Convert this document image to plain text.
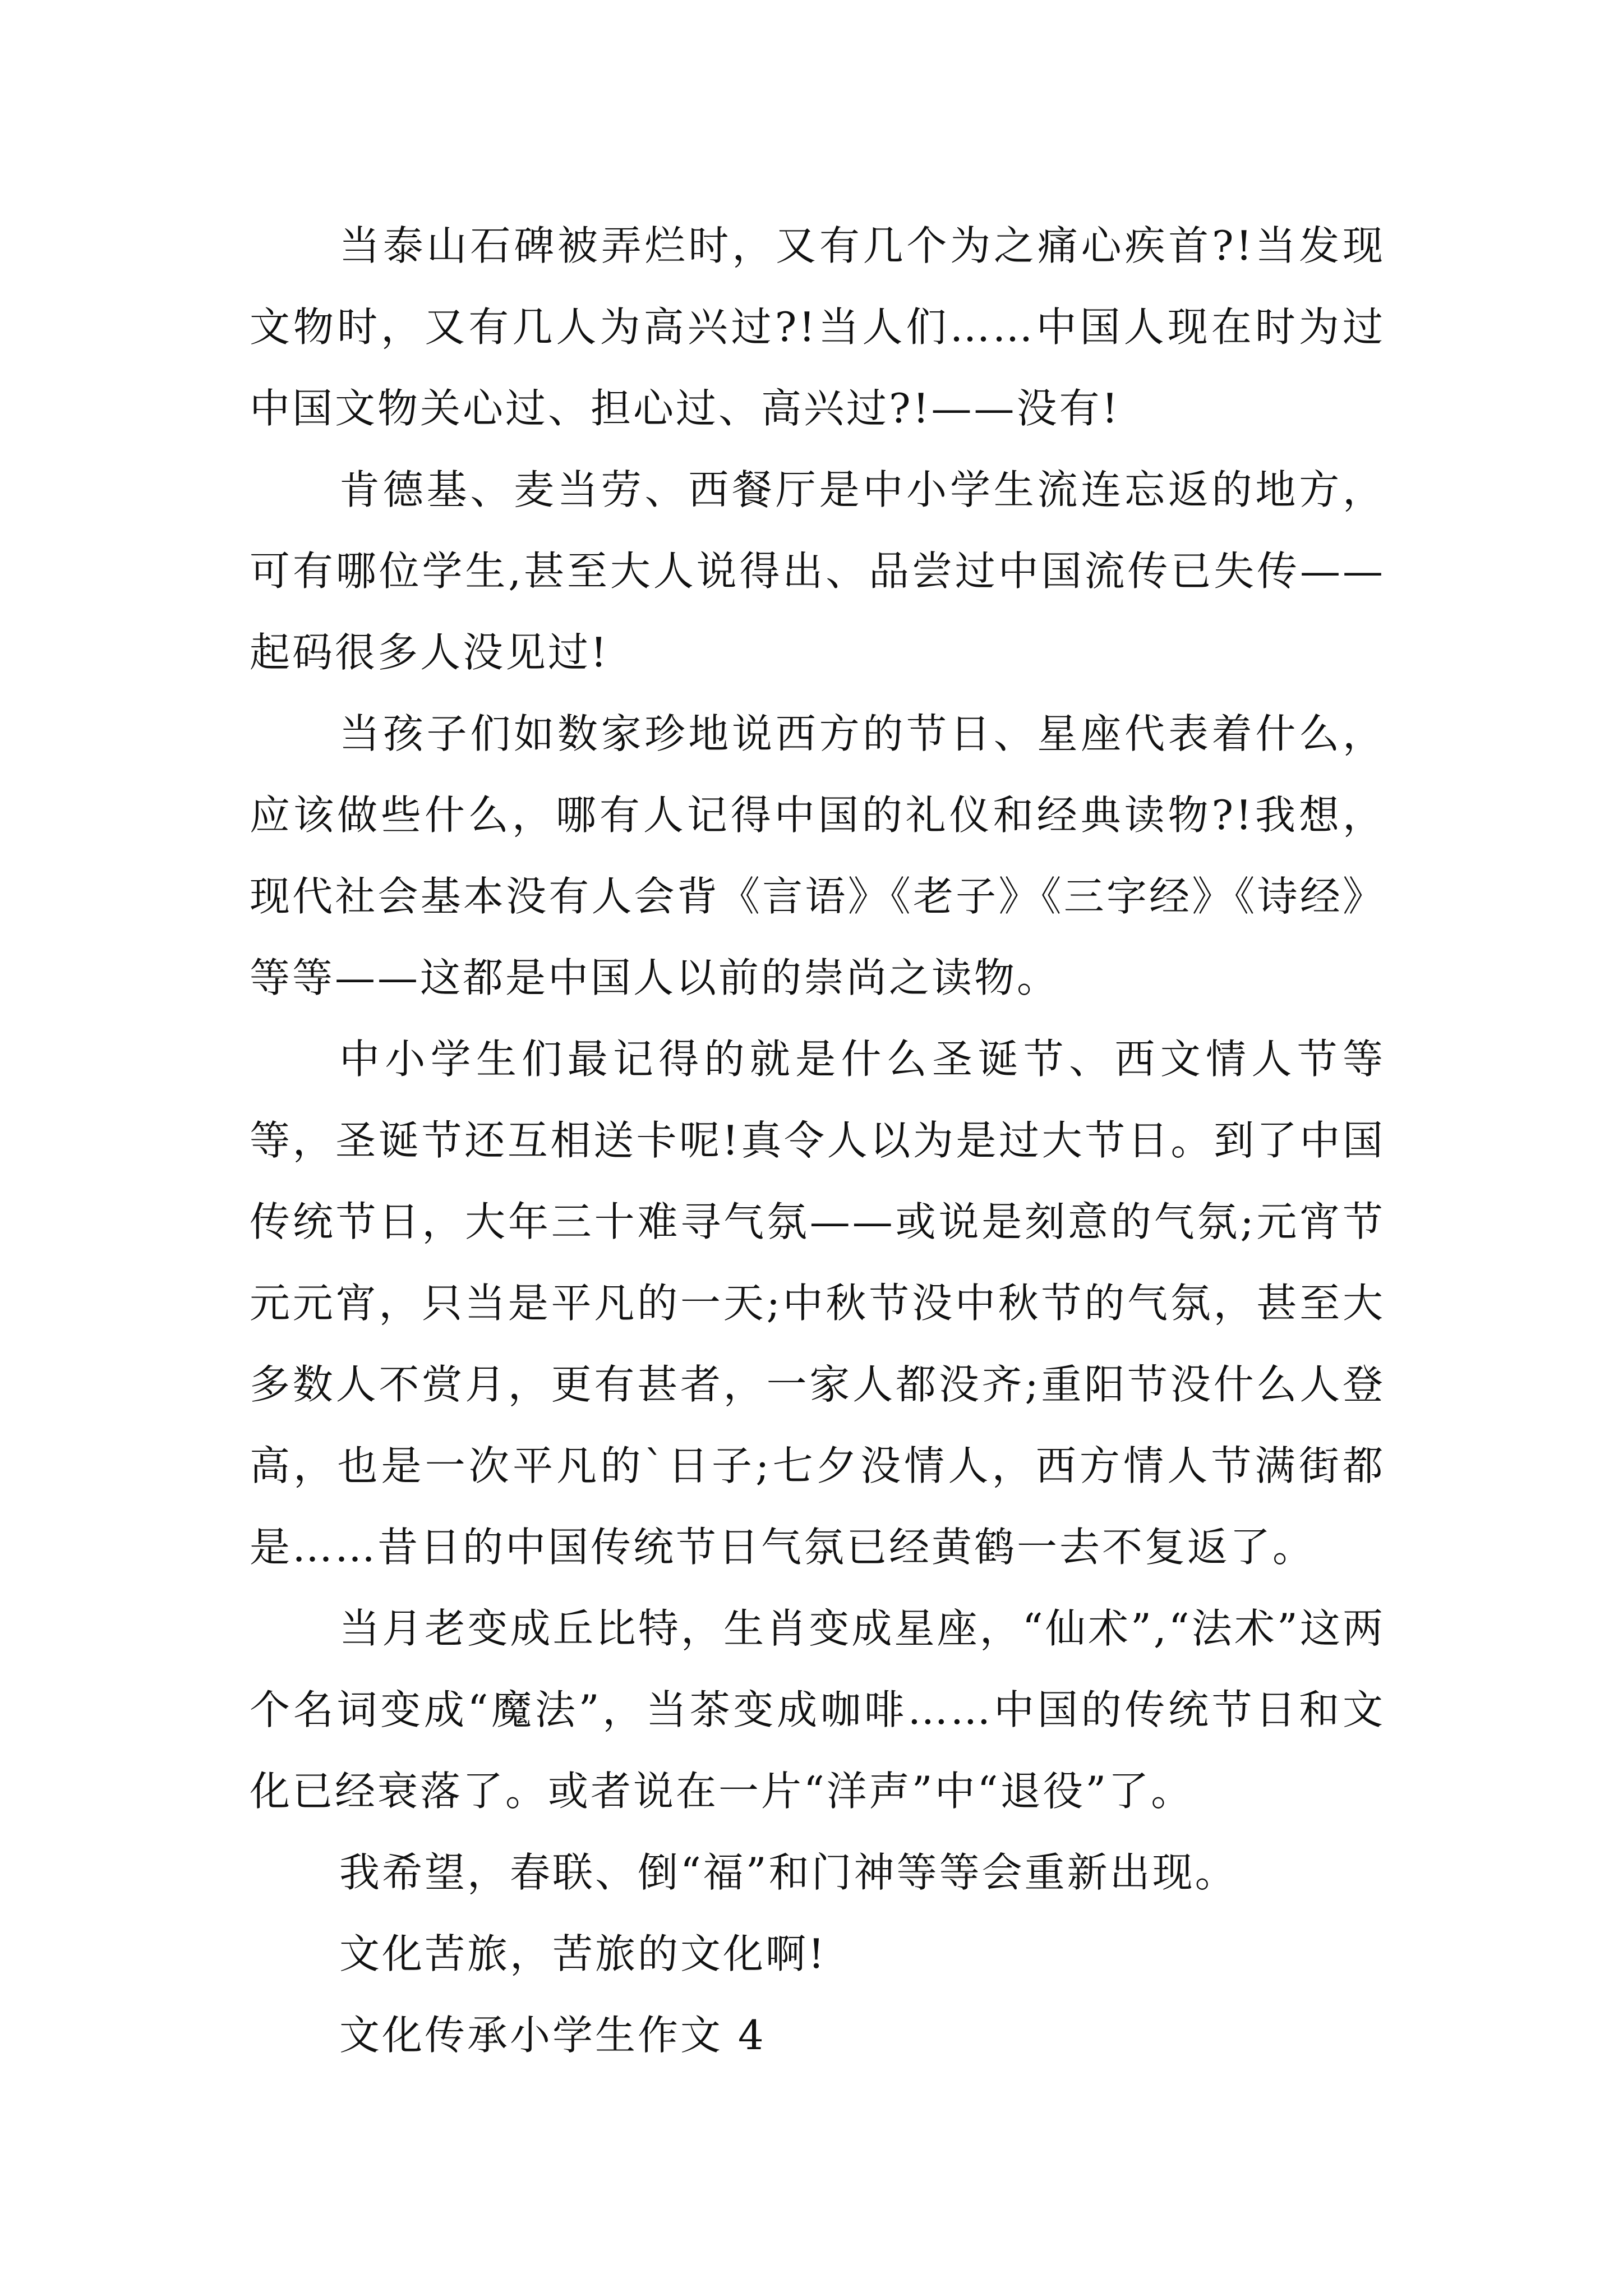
当泰山石碑被弄烂时，又有几个为之痛心疾首?!当发现文物时，又有几人为高兴过?!当人们……中国人现在时为过中国文物关心过、担心过、高兴过?!——没有!

肯德基、麦当劳、西餐厅是中小学生流连忘返的地方，可有哪位学生,甚至大人说得出、品尝过中国流传已失传——起码很多人没见过!

当孩子们如数家珍地说西方的节日、星座代表着什么，应该做些什么，哪有人记得中国的礼仪和经典读物?!我想，现代社会基本没有人会背《言语》《老子》《三字经》《诗经》等等——这都是中国人以前的崇尚之读物。

中小学生们最记得的就是什么圣诞节、西文情人节等等，圣诞节还互相送卡呢!真令人以为是过大节日。到了中国传统节日，大年三十难寻气氛——或说是刻意的气氛;元宵节元元宵，只当是平凡的一天;中秋节没中秋节的气氛，甚至大多数人不赏月，更有甚者，一家人都没齐;重阳节没什么人登高，也是一次平凡的`日子;七夕没情人，西方情人节满街都是……昔日的中国传统节日气氛已经黄鹤一去不复返了。

当月老变成丘比特，生肖变成星座，“仙术”,“法术”这两个名词变成“魔法”，当茶变成咖啡……中国的传统节日和文化已经衰落了。或者说在一片“洋声”中“退役”了。

我希望，春联、倒“福”和门神等等会重新出现。

文化苦旅，苦旅的文化啊!

文化传承小学生作文 4
